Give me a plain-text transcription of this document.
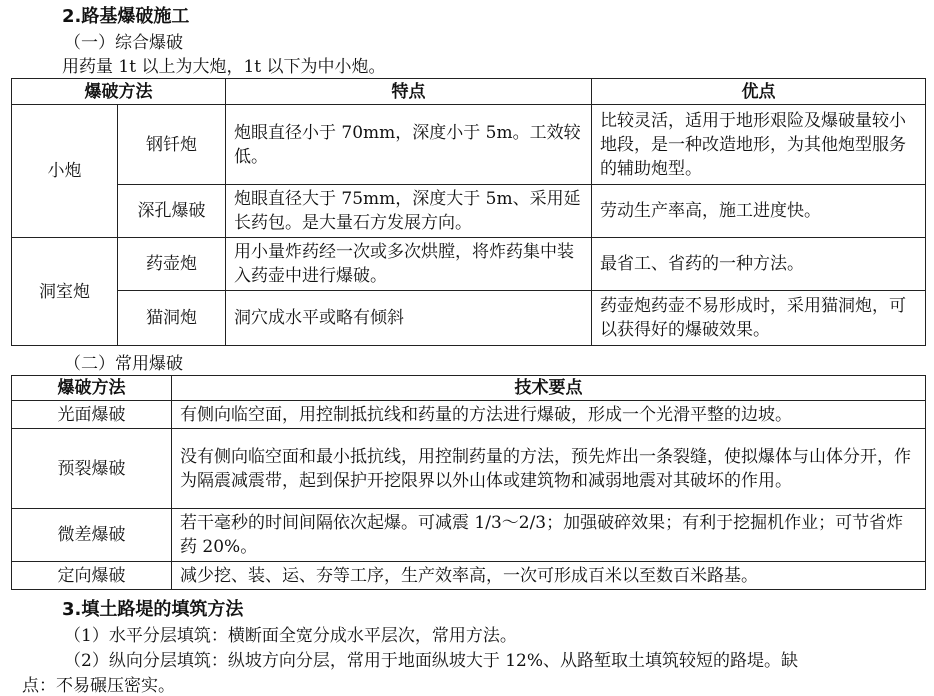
2.路基爆破施工
（一）综合爆破
用药量 1t 以上为大炮，1t 以下为中小炮。
爆破方法		特点	优点
小炮	钢钎炮	炮眼直径小于 70mm，深度小于 5m。工效较低。	比较灵活，适用于地形艰险及爆破量较小地段，是一种改造地形，为其他炮型服务的辅助炮型。
	深孔爆破	炮眼直径大于 75mm，深度大于 5m、采用延长药包。是大量石方发展方向。	劳动生产率高，施工进度快。
洞室炮	药壶炮	用小量炸药经一次或多次烘膛，将炸药集中装入药壶中进行爆破。	最省工、省药的一种方法。
	猫洞炮	洞穴成水平或略有倾斜	药壶炮药壶不易形成时，采用猫洞炮，可以获得好的爆破效果。
（二）常用爆破
爆破方法	技术要点
光面爆破	有侧向临空面，用控制抵抗线和药量的方法进行爆破，形成一个光滑平整的边坡。
预裂爆破	没有侧向临空面和最小抵抗线，用控制药量的方法，预先炸出一条裂缝，使拟爆体与山体分开，作为隔震减震带，起到保护开挖限界以外山体或建筑物和减弱地震对其破坏的作用。
微差爆破	若干毫秒的时间间隔依次起爆。可减震 1/3～2/3；加强破碎效果；有利于挖掘机作业；可节省炸药 20%。
定向爆破	减少挖、装、运、夯等工序，生产效率高，一次可形成百米以至数百米路基。
3.填土路堤的填筑方法
（1）水平分层填筑：横断面全宽分成水平层次，常用方法。
（2）纵向分层填筑：纵坡方向分层，常用于地面纵坡大于 12%、从路堑取土填筑较短的路堤。缺
点：不易碾压密实。
